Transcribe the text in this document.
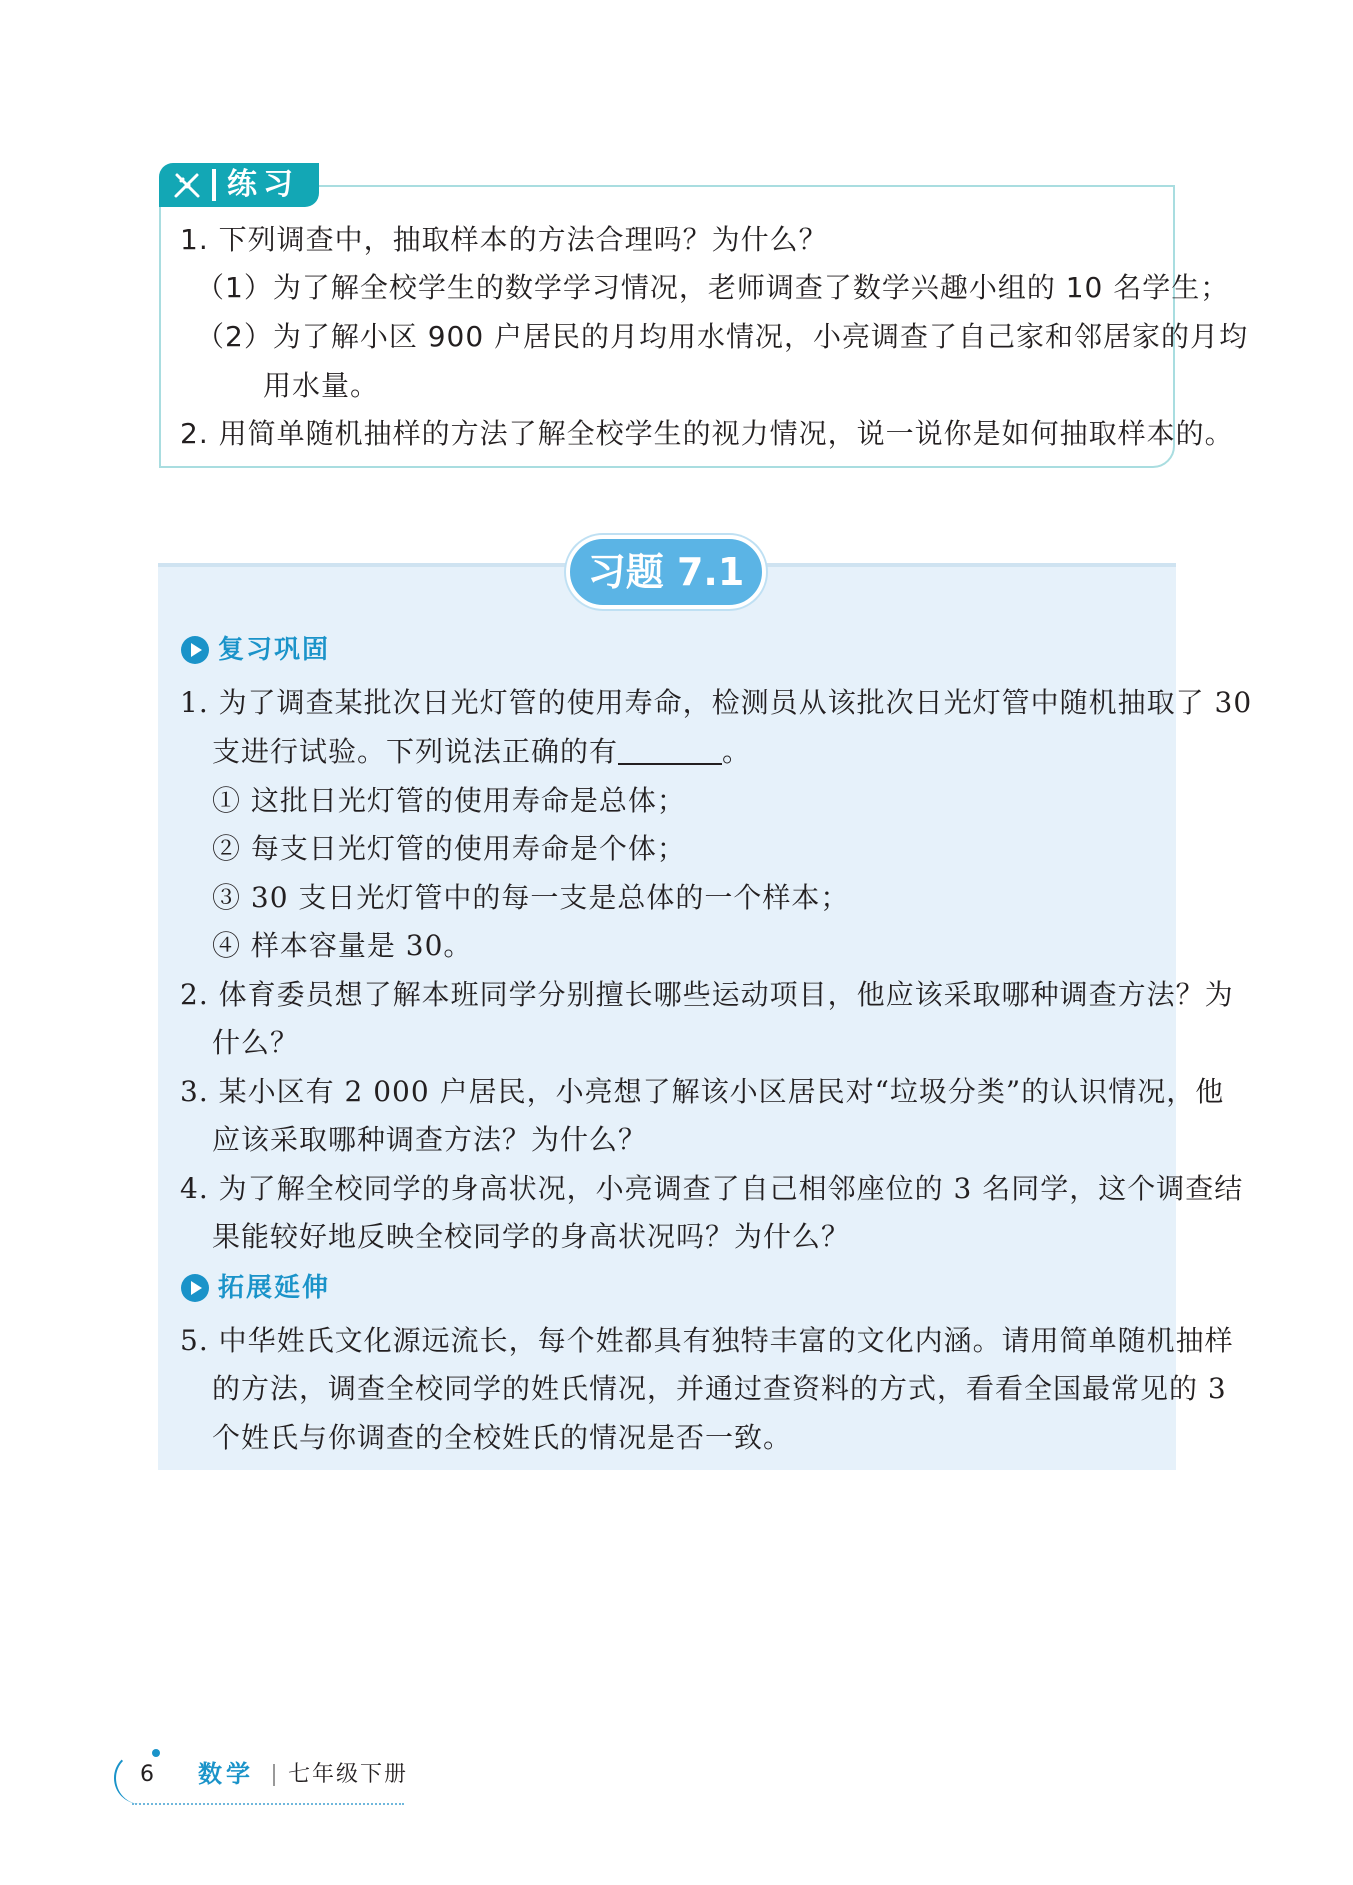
练习
1. 下列调查中，抽取样本的方法合理吗？为什么？
（1）为了解全校学生的数学学习情况，老师调查了数学兴趣小组的 10 名学生；
（2）为了解小区 900 户居民的月均用水情况，小亮调查了自己家和邻居家的月均
用水量。
2. 用简单随机抽样的方法了解全校学生的视力情况，说一说你是如何抽取样本的。
习题 7.1
复习巩固
1. 为了调查某批次日光灯管的使用寿命，检测员从该批次日光灯管中随机抽取了 30
支进行试验。下列说法正确的有	。
① 这批日光灯管的使用寿命是总体；
② 每支日光灯管的使用寿命是个体；
③ 30 支日光灯管中的每一支是总体的一个样本；
④ 样本容量是 30。
2. 体育委员想了解本班同学分别擅长哪些运动项目，他应该采取哪种调查方法？为
什么？
3. 某小区有 2 000 户居民，小亮想了解该小区居民对“垃圾分类”的认识情况，他
应该采取哪种调查方法？为什么？
4. 为了解全校同学的身高状况，小亮调查了自己相邻座位的 3 名同学，这个调查结
果能较好地反映全校同学的身高状况吗？为什么？
拓展延伸
5. 中华姓氏文化源远流长，每个姓都具有独特丰富的文化内涵。请用简单随机抽样
的方法，调查全校同学的姓氏情况，并通过查资料的方式，看看全国最常见的 3
个姓氏与你调查的全校姓氏的情况是否一致。
6 数学 七年级下册
